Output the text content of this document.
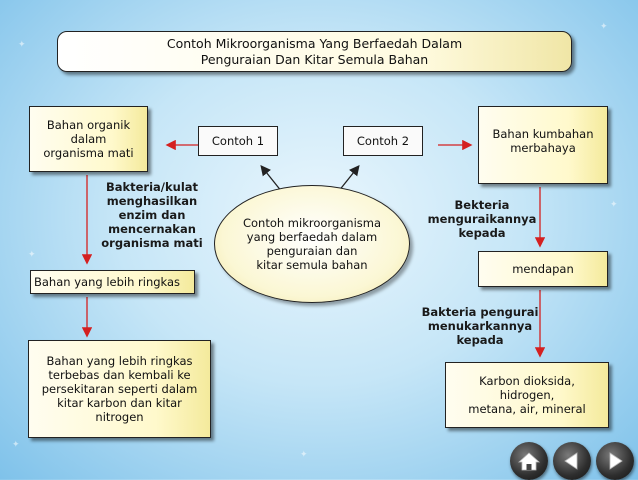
✦
✦
✦
✦
✦
✦
Contoh Mikroorganisma Yang Berfaedah Dalam
Penguraian Dan Kitar Semula Bahan
Bahan organik
dalam
organisma mati
Bakteria/kulat
menghasilkan
enzim dan
mencernakan
organisma mati
Bahan yang lebih ringkas
Bahan yang lebih ringkas
terbebas dan kembali ke
persekitaran seperti dalam
kitar karbon dan kitar
nitrogen
Contoh 1	Contoh 2
Contoh mikroorganisma
yang berfaedah dalam
penguraian dan
kitar semula bahan
Bahan kumbahan
merbahaya
Bekteria
menguraikannya
kepada
mendapan
Bakteria pengurai
menukarkannya
kepada
Karbon dioksida,
hidrogen,
metana, air, mineral
